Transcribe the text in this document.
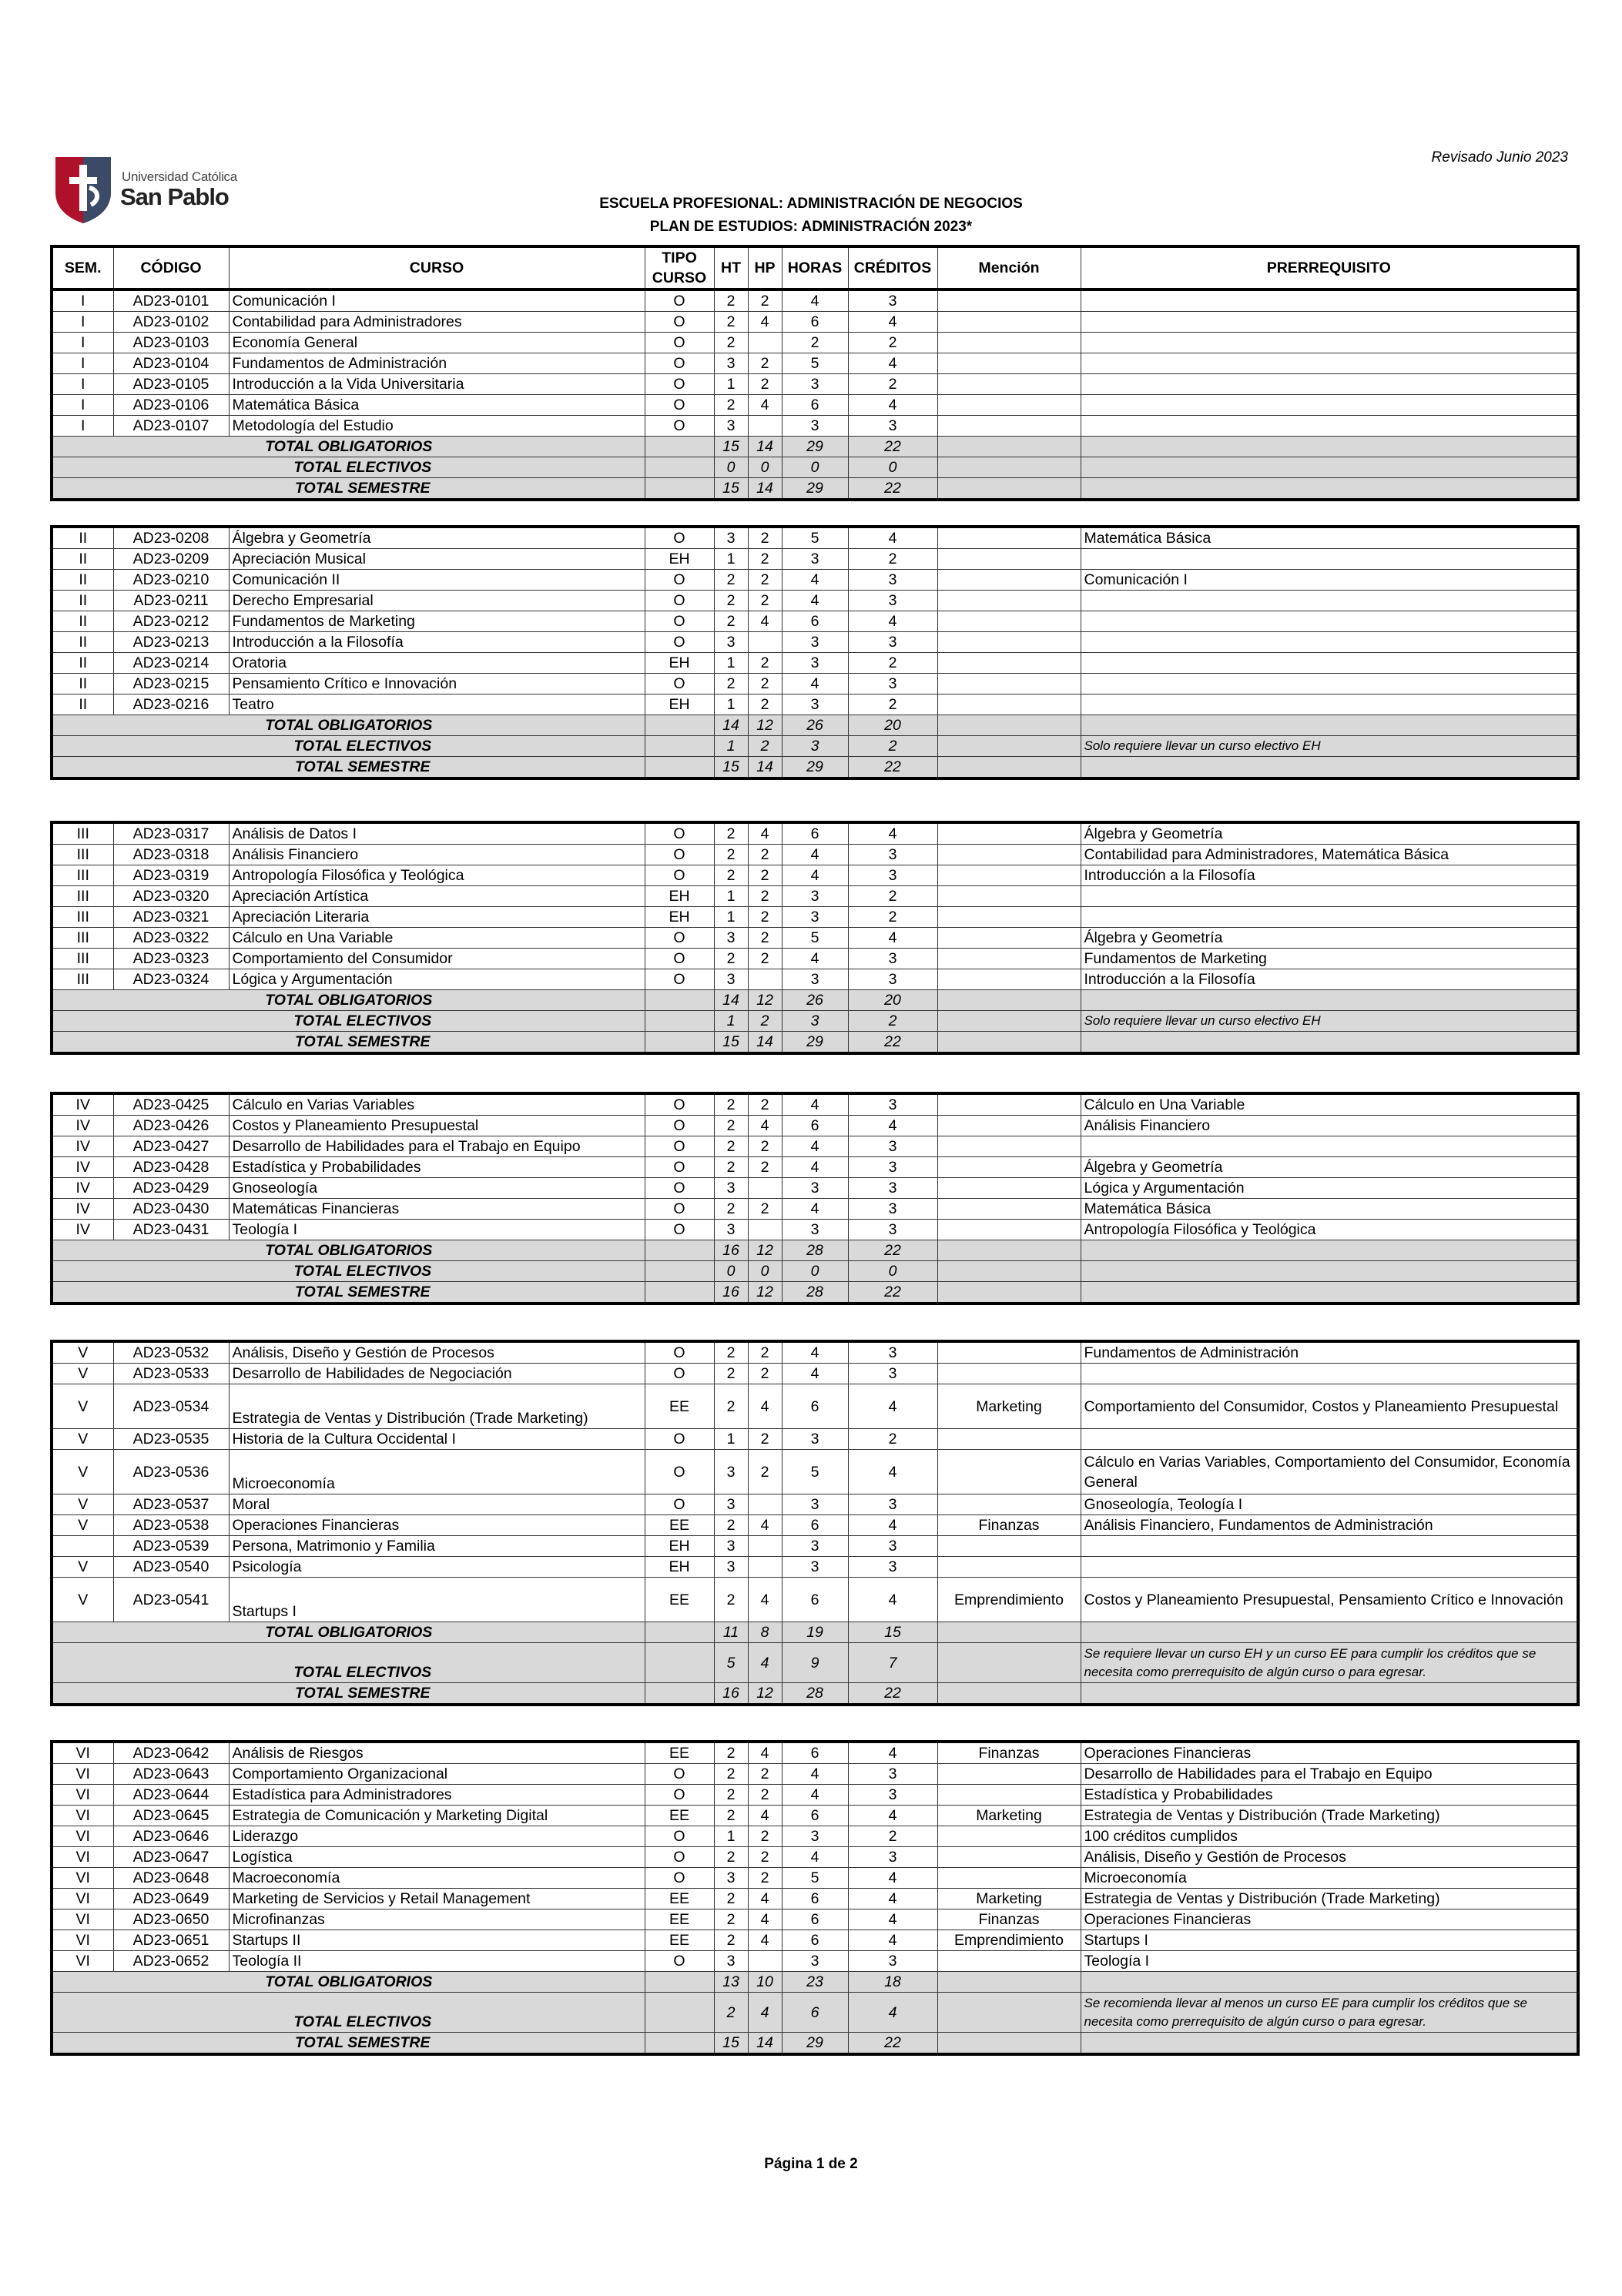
Revisado Junio 2023
Universidad Católica
San Pablo	ESCUELA PROFESIONAL: ADMINISTRACIÓN DE NEGOCIOS
PLAN DE ESTUDIOS: ADMINISTRACIÓN 2023*
SEM.	CÓDIGO	CURSO	TIPO CURSO	HT	HP	HORAS	CRÉDITOS	Mención	PRERREQUISITO
I	AD23-0101	Comunicación I	O	2	2	4	3		
I	AD23-0102	Contabilidad para Administradores	O	2	4	6	4		
I	AD23-0103	Economía General	O	2		2	2		
I	AD23-0104	Fundamentos de Administración	O	3	2	5	4		
I	AD23-0105	Introducción a la Vida Universitaria	O	1	2	3	2		
I	AD23-0106	Matemática Básica	O	2	4	6	4		
I	AD23-0107	Metodología del Estudio	O	3		3	3		
TOTAL OBLIGATORIOS				15	14	29	22		
TOTAL ELECTIVOS				0	0	0	0		
TOTAL SEMESTRE				15	14	29	22		
II	AD23-0208	Álgebra y Geometría	O	3	2	5	4		Matemática Básica
II	AD23-0209	Apreciación Musical	EH	1	2	3	2		
II	AD23-0210	Comunicación II	O	2	2	4	3		Comunicación I
II	AD23-0211	Derecho Empresarial	O	2	2	4	3		
II	AD23-0212	Fundamentos de Marketing	O	2	4	6	4		
II	AD23-0213	Introducción a la Filosofía	O	3		3	3		
II	AD23-0214	Oratoria	EH	1	2	3	2		
II	AD23-0215	Pensamiento Crítico e Innovación	O	2	2	4	3		
II	AD23-0216	Teatro	EH	1	2	3	2		
TOTAL OBLIGATORIOS				14	12	26	20		
TOTAL ELECTIVOS				1	2	3	2		Solo requiere llevar un curso electivo EH
TOTAL SEMESTRE				15	14	29	22		
III	AD23-0317	Análisis de Datos I	O	2	4	6	4		Álgebra y Geometría
III	AD23-0318	Análisis Financiero	O	2	2	4	3		Contabilidad para Administradores, Matemática Básica
III	AD23-0319	Antropología Filosófica y Teológica	O	2	2	4	3		Introducción a la Filosofía
III	AD23-0320	Apreciación Artística	EH	1	2	3	2		
III	AD23-0321	Apreciación Literaria	EH	1	2	3	2		
III	AD23-0322	Cálculo en Una Variable	O	3	2	5	4		Álgebra y Geometría
III	AD23-0323	Comportamiento del Consumidor	O	2	2	4	3		Fundamentos de Marketing
III	AD23-0324	Lógica y Argumentación	O	3		3	3		Introducción a la Filosofía
TOTAL OBLIGATORIOS				14	12	26	20		
TOTAL ELECTIVOS				1	2	3	2		Solo requiere llevar un curso electivo EH
TOTAL SEMESTRE				15	14	29	22		
IV	AD23-0425	Cálculo en Varias Variables	O	2	2	4	3		Cálculo en Una Variable
IV	AD23-0426	Costos y Planeamiento Presupuestal	O	2	4	6	4		Análisis Financiero
IV	AD23-0427	Desarrollo de Habilidades para el Trabajo en Equipo	O	2	2	4	3		
IV	AD23-0428	Estadística y Probabilidades	O	2	2	4	3		Álgebra y Geometría
IV	AD23-0429	Gnoseología	O	3		3	3		Lógica y Argumentación
IV	AD23-0430	Matemáticas Financieras	O	2	2	4	3		Matemática Básica
IV	AD23-0431	Teología I	O	3		3	3		Antropología Filosófica y Teológica
TOTAL OBLIGATORIOS				16	12	28	22		
TOTAL ELECTIVOS				0	0	0	0		
TOTAL SEMESTRE				16	12	28	22		
V	AD23-0532	Análisis, Diseño y Gestión de Procesos	O	2	2	4	3		Fundamentos de Administración
V	AD23-0533	Desarrollo de Habilidades de Negociación	O	2	2	4	3		
V	AD23-0534	Estrategia de Ventas y Distribución (Trade Marketing)	EE	2	4	6	4	Marketing	Comportamiento del Consumidor, Costos y Planeamiento Presupuestal
V	AD23-0535	Historia de la Cultura Occidental I	O	1	2	3	2		
V	AD23-0536	Microeconomía	O	3	2	5	4		Cálculo en Varias Variables, Comportamiento del Consumidor, Economía General
V	AD23-0537	Moral	O	3		3	3		Gnoseología, Teología I
V	AD23-0538	Operaciones Financieras	EE	2	4	6	4	Finanzas	Análisis Financiero, Fundamentos de Administración
	AD23-0539	Persona, Matrimonio y Familia	EH	3		3	3		
V	AD23-0540	Psicología	EH	3		3	3		
V	AD23-0541	Startups I	EE	2	4	6	4	Emprendimiento	Costos y Planeamiento Presupuestal, Pensamiento Crítico e Innovación
TOTAL OBLIGATORIOS				11	8	19	15		
TOTAL ELECTIVOS				5	4	9	7		Se requiere llevar un curso EH y un curso EE para cumplir los créditos que se necesita como prerrequisito de algún curso o para egresar.
TOTAL SEMESTRE				16	12	28	22		
VI	AD23-0642	Análisis de Riesgos	EE	2	4	6	4	Finanzas	Operaciones Financieras
VI	AD23-0643	Comportamiento Organizacional	O	2	2	4	3		Desarrollo de Habilidades para el Trabajo en Equipo
VI	AD23-0644	Estadística para Administradores	O	2	2	4	3		Estadística y Probabilidades
VI	AD23-0645	Estrategia de Comunicación y Marketing Digital	EE	2	4	6	4	Marketing	Estrategia de Ventas y Distribución (Trade Marketing)
VI	AD23-0646	Liderazgo	O	1	2	3	2		100 créditos cumplidos
VI	AD23-0647	Logística	O	2	2	4	3		Análisis, Diseño y Gestión de Procesos
VI	AD23-0648	Macroeconomía	O	3	2	5	4		Microeconomía
VI	AD23-0649	Marketing de Servicios y Retail Management	EE	2	4	6	4	Marketing	Estrategia de Ventas y Distribución (Trade Marketing)
VI	AD23-0650	Microfinanzas	EE	2	4	6	4	Finanzas	Operaciones Financieras
VI	AD23-0651	Startups II	EE	2	4	6	4	Emprendimiento	Startups I
VI	AD23-0652	Teología II	O	3		3	3		Teología I
TOTAL OBLIGATORIOS				13	10	23	18		
TOTAL ELECTIVOS				2	4	6	4		Se recomienda llevar al menos un curso EE para cumplir los créditos que se necesita como prerrequisito de algún curso o para egresar.
TOTAL SEMESTRE				15	14	29	22		
Página 1 de 2
